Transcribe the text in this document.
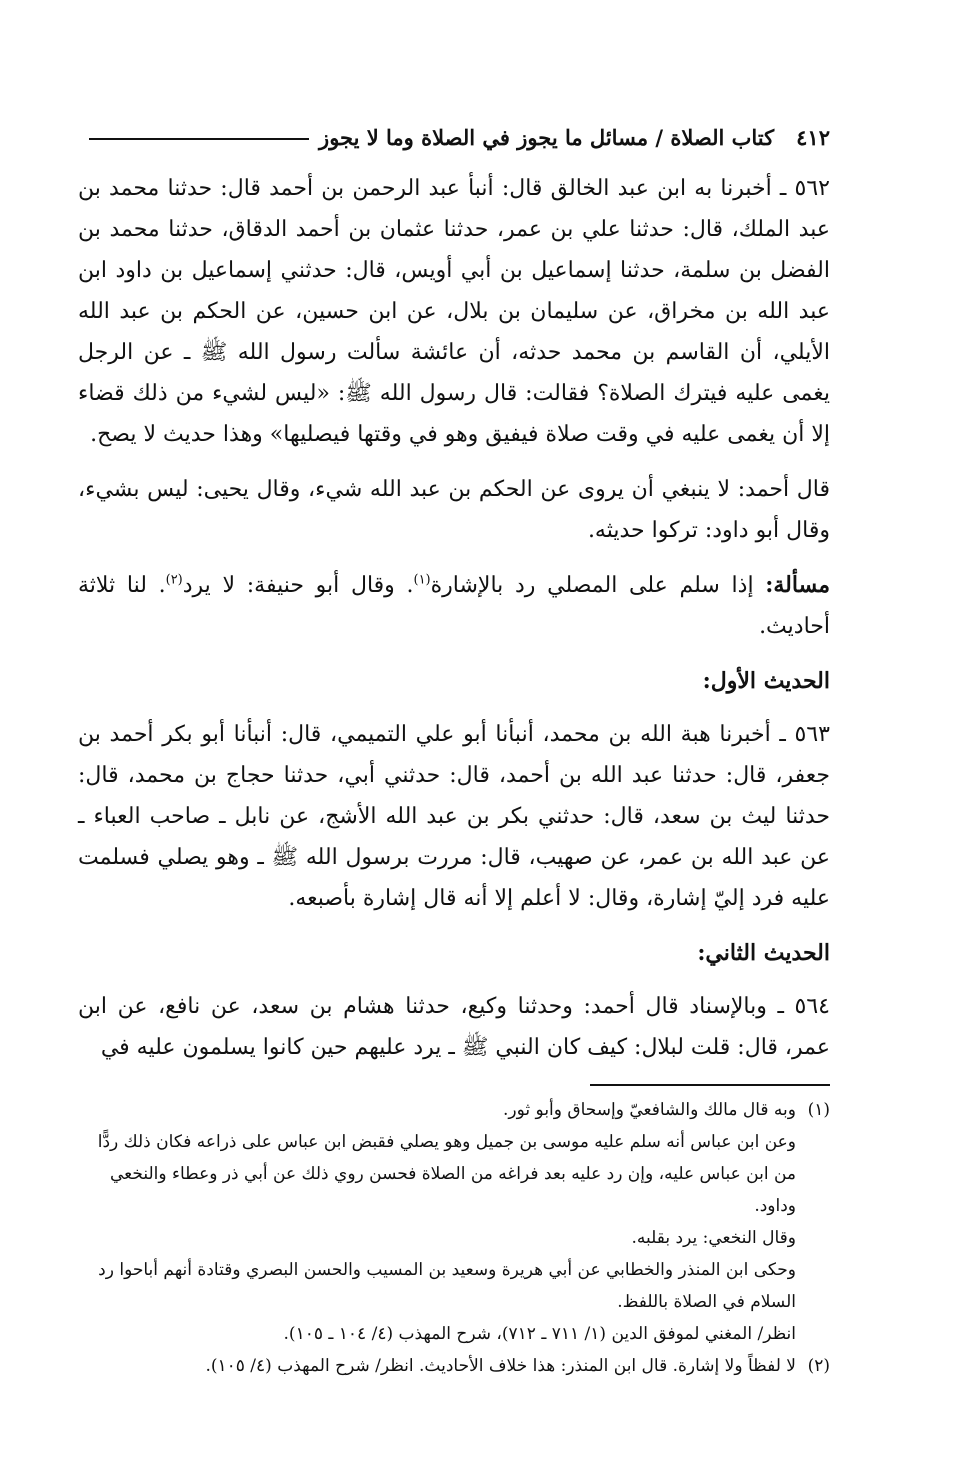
٤١٢
كتاب الصلاة / مسائل ما يجوز في الصلاة وما لا يجوز

٥٦٢ ـ أخبرنا به ابن عبد الخالق قال: أنبأ عبد الرحمن بن أحمد قال: حدثنا محمد بن عبد الملك، قال: حدثنا علي بن عمر، حدثنا عثمان بن أحمد الدقاق، حدثنا محمد بن الفضل بن سلمة، حدثنا إسماعيل بن أبي أويس، قال: حدثني إسماعيل بن داود ابن عبد الله بن مخراق، عن سليمان بن بلال، عن ابن حسين، عن الحكم بن عبد الله الأيلي، أن القاسم بن محمد حدثه، أن عائشة سألت رسول الله ﷺ ـ عن الرجل يغمى عليه فيترك الصلاة؟ فقالت: قال رسول الله ﷺ: «ليس لشيء من ذلك قضاء إلا أن يغمى عليه في وقت صلاة فيفيق وهو في وقتها فيصليها» وهذا حديث لا يصح.

قال أحمد: لا ينبغي أن يروى عن الحكم بن عبد الله شيء، وقال يحيى: ليس بشيء، وقال أبو داود: تركوا حديثه.

مسألة: إذا سلم على المصلي رد بالإشارة$^{(١)}$. وقال أبو حنيفة: لا يرد$^{(٢)}$. لنا ثلاثة أحاديث.

الحديث الأول:

٥٦٣ ـ أخبرنا هبة الله بن محمد، أنبأنا أبو علي التميمي، قال: أنبأنا أبو بكر أحمد بن جعفر، قال: حدثنا عبد الله بن أحمد، قال: حدثني أبي، حدثنا حجاج بن محمد، قال: حدثنا ليث بن سعد، قال: حدثني بكر بن عبد الله الأشج، عن نابل ـ صاحب العباء ـ عن عبد الله بن عمر، عن صهيب، قال: مررت برسول الله ﷺ ـ وهو يصلي فسلمت عليه فرد إليّ إشارة، وقال: لا أعلم إلا أنه قال إشارة بأصبعه.

الحديث الثاني:

٥٦٤ ـ وبالإسناد قال أحمد: وحدثنا وكيع، حدثنا هشام بن سعد، عن نافع، عن ابن عمر، قال: قلت لبلال: كيف كان النبي ﷺ ـ يرد عليهم حين كانوا يسلمون عليه في

(١)وبه قال مالك والشافعيّ وإسحاق وأبو ثور.

وعن ابن عباس أنه سلم عليه موسى بن جميل وهو يصلي فقبض ابن عباس على ذراعه فكان ذلك ردًّا من ابن عباس عليه، وإن رد عليه بعد فراغه من الصلاة فحسن روي ذلك عن أبي ذر وعطاء والنخعي وداود.

وقال النخعي: يرد بقلبه.

وحكى ابن المنذر والخطابي عن أبي هريرة وسعيد بن المسيب والحسن البصري وقتادة أنهم أباحوا رد السلام في الصلاة باللفظ.

انظر/ المغني لموفق الدين (١/ ٧١١ ـ ٧١٢)، شرح المهذب (٤/ ١٠٤ ـ ١٠٥).

(٢)لا لفظاً ولا إشارة. قال ابن المنذر: هذا خلاف الأحاديث. انظر/ شرح المهذب (٤/ ١٠٥).
